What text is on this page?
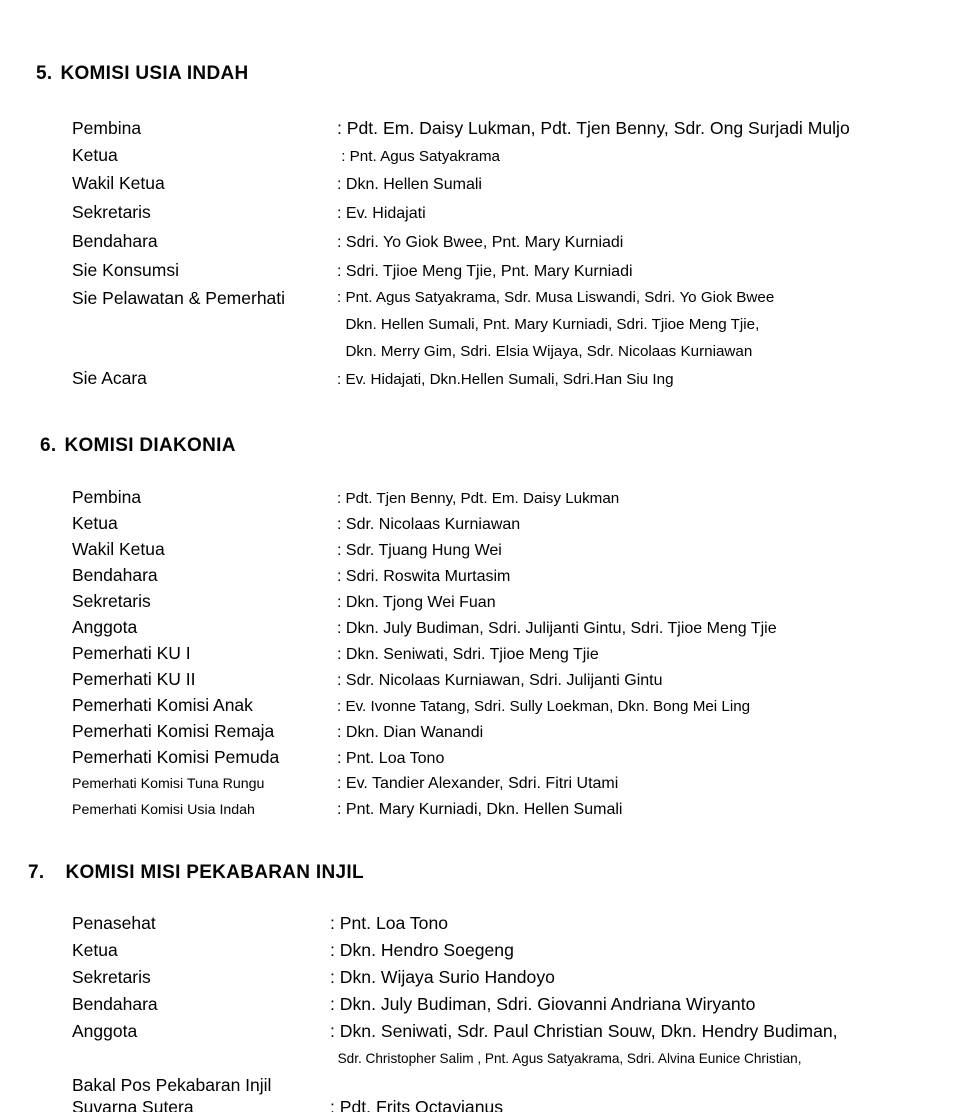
5. KOMISI USIA INDAH
Pembina	: Pdt. Em. Daisy Lukman, Pdt. Tjen Benny, Sdr. Ong Surjadi Muljo
Ketua	: Pnt. Agus Satyakrama
Wakil Ketua	: Dkn. Hellen Sumali
Sekretaris	: Ev. Hidajati
Bendahara	: Sdri. Yo Giok Bwee, Pnt. Mary Kurniadi
Sie Konsumsi	: Sdri. Tjioe Meng Tjie, Pnt. Mary Kurniadi
Sie Pelawatan & Pemerhati	: Pnt. Agus Satyakrama, Sdr. Musa Liswandi, Sdri. Yo Giok Bwee
Dkn. Hellen Sumali, Pnt. Mary Kurniadi, Sdri. Tjioe Meng Tjie,
Dkn. Merry Gim, Sdri. Elsia Wijaya, Sdr. Nicolaas Kurniawan
Sie Acara	: Ev. Hidajati, Dkn.Hellen Sumali, Sdri.Han Siu Ing
6. KOMISI DIAKONIA
Pembina	: Pdt. Tjen Benny, Pdt. Em. Daisy Lukman
Ketua	: Sdr. Nicolaas Kurniawan
Wakil Ketua	: Sdr. Tjuang Hung Wei
Bendahara	: Sdri. Roswita Murtasim
Sekretaris	: Dkn. Tjong Wei Fuan
Anggota	: Dkn. July Budiman, Sdri. Julijanti Gintu, Sdri. Tjioe Meng Tjie
Pemerhati KU I	: Dkn. Seniwati, Sdri. Tjioe Meng Tjie
Pemerhati KU II	: Sdr. Nicolaas Kurniawan, Sdri. Julijanti Gintu
Pemerhati Komisi Anak	: Ev. Ivonne Tatang, Sdri. Sully Loekman, Dkn. Bong Mei Ling
Pemerhati Komisi Remaja	: Dkn. Dian Wanandi
Pemerhati Komisi Pemuda	: Pnt. Loa Tono
Pemerhati Komisi Tuna Rungu	: Ev. Tandier Alexander, Sdri. Fitri Utami
Pemerhati Komisi Usia Indah	: Pnt. Mary Kurniadi, Dkn. Hellen Sumali
7. KOMISI MISI PEKABARAN INJIL
Penasehat	: Pnt. Loa Tono
Ketua	: Dkn. Hendro Soegeng
Sekretaris	: Dkn. Wijaya Surio Handoyo
Bendahara	: Dkn. July Budiman, Sdri. Giovanni Andriana Wiryanto
Anggota	: Dkn. Seniwati, Sdr. Paul Christian Souw, Dkn. Hendry Budiman,
Sdr. Christopher Salim , Pnt. Agus Satyakrama, Sdri. Alvina Eunice Christian,
Bakal Pos Pekabaran Injil
Suvarna Sutera	: Pdt. Frits Octavianus
